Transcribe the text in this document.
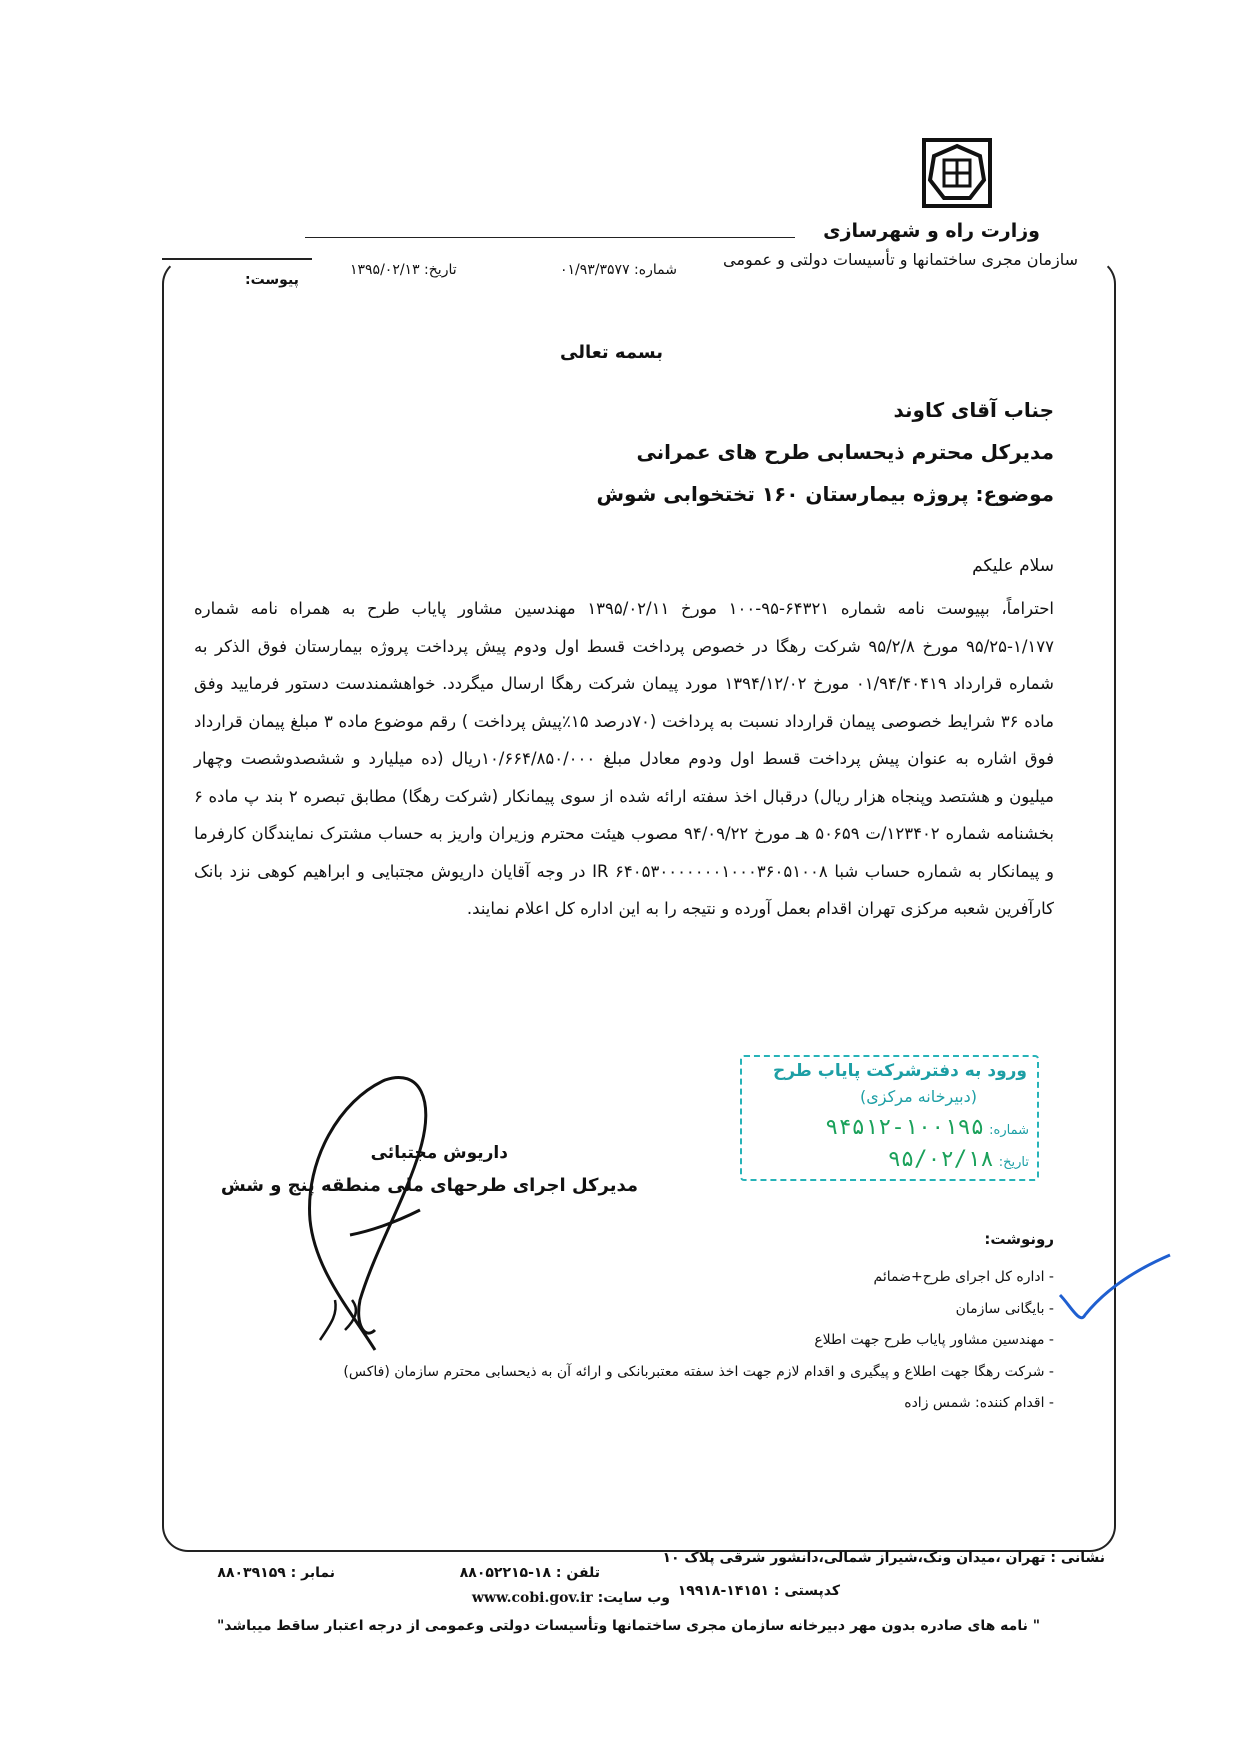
وزارت راه و شهرسازی
سازمان مجری ساختمانها و تأسیسات دولتی و عمومی
شماره: ۰۱/۹۳/۳۵۷۷
تاریخ: ۱۳۹۵/۰۲/۱۳
پیوست:
بسمه تعالی
جناب آقای کاوند
مدیرکل محترم ذیحسابی طرح های عمرانی
موضوع: پروژه بیمارستان ۱۶۰ تختخوابی شوش
سلام علیکم
احتراماً، بپیوست نامه شماره ۶۴۳۲۱-۹۵-۱۰۰ مورخ ۱۳۹۵/۰۲/۱۱ مهندسین مشاور پایاب طرح به همراه نامه شماره ۱/۱۷۷-۹۵/۲۵ مورخ ۹۵/۲/۸ شرکت رهگا در خصوص پرداخت قسط اول ودوم پیش پرداخت پروژه بیمارستان فوق الذکر به شماره قرارداد ۰۱/۹۴/۴۰۴۱۹ مورخ ۱۳۹۴/۱۲/۰۲ مورد پیمان شرکت رهگا ارسال میگردد. خواهشمندست دستور فرمایید وفق ماده ۳۶ شرایط خصوصی پیمان قرارداد نسبت به پرداخت (۷۰درصد ۱۵٪پیش پرداخت ) رقم موضوع ماده ۳ مبلغ پیمان قرارداد فوق اشاره به عنوان پیش پرداخت قسط اول ودوم معادل مبلغ ۱۰/۶۶۴/۸۵۰/۰۰۰ریال (ده میلیارد و ششصدوشصت وچهار میلیون و هشتصد وپنجاه هزار ریال) درقبال اخذ سفته ارائه شده از سوی پیمانکار (شرکت رهگا) مطابق تبصره ۲ بند پ ماده ۶ بخشنامه شماره ۱۲۳۴۰۲/ت ۵۰۶۵۹ هـ مورخ ۹۴/۰۹/۲۲ مصوب هیئت محترم وزیران واریز به حساب مشترک نمایندگان کارفرما و پیمانکار به شماره حساب شبا IR ۶۴۰۵۳۰۰۰۰۰۰۰۱۰۰۰۳۶۰۵۱۰۰۸ در وجه آقایان داریوش مجتبایی و ابراهیم کوهی نزد بانک کارآفرین شعبه مرکزی تهران اقدام بعمل آورده و نتیجه را به این اداره کل اعلام نمایند.
ورود به دفترشرکت پایاب طرح
(دبیرخانه مرکزی)
شماره: ۱۰۰۱۹۵-۹۴۵۱۲
تاریخ: ۹۵/۰۲/۱۸
داریوش مجتبائی
مدیرکل اجرای طرحهای ملی منطقه پنج و شش
رونوشت:
- اداره کل اجرای طرح+ضمائم
- بایگانی سازمان
- مهندسین مشاور پایاب طرح جهت اطلاع
- شرکت رهگا جهت اطلاع و پیگیری و اقدام لازم جهت اخذ سفته معتبربانکی و ارائه آن به ذیحسابی محترم سازمان (فاکس)
- اقدام کننده: شمس زاده
نشانی : تهران ،میدان ونک،شیراز شمالی،دانشور شرقی پلاک ۱۰
کدپستی : ۱۴۱۵۱-۱۹۹۱۸
تلفن : ۱۸-۸۸۰۵۲۲۱۵
وب سایت: www.cobi.gov.ir
نمابر : ۸۸۰۳۹۱۵۹
" نامه های صادره بدون مهر دبیرخانه سازمان مجری ساختمانها وتأسیسات دولتی وعمومی از درجه اعتبار ساقط میباشد"
